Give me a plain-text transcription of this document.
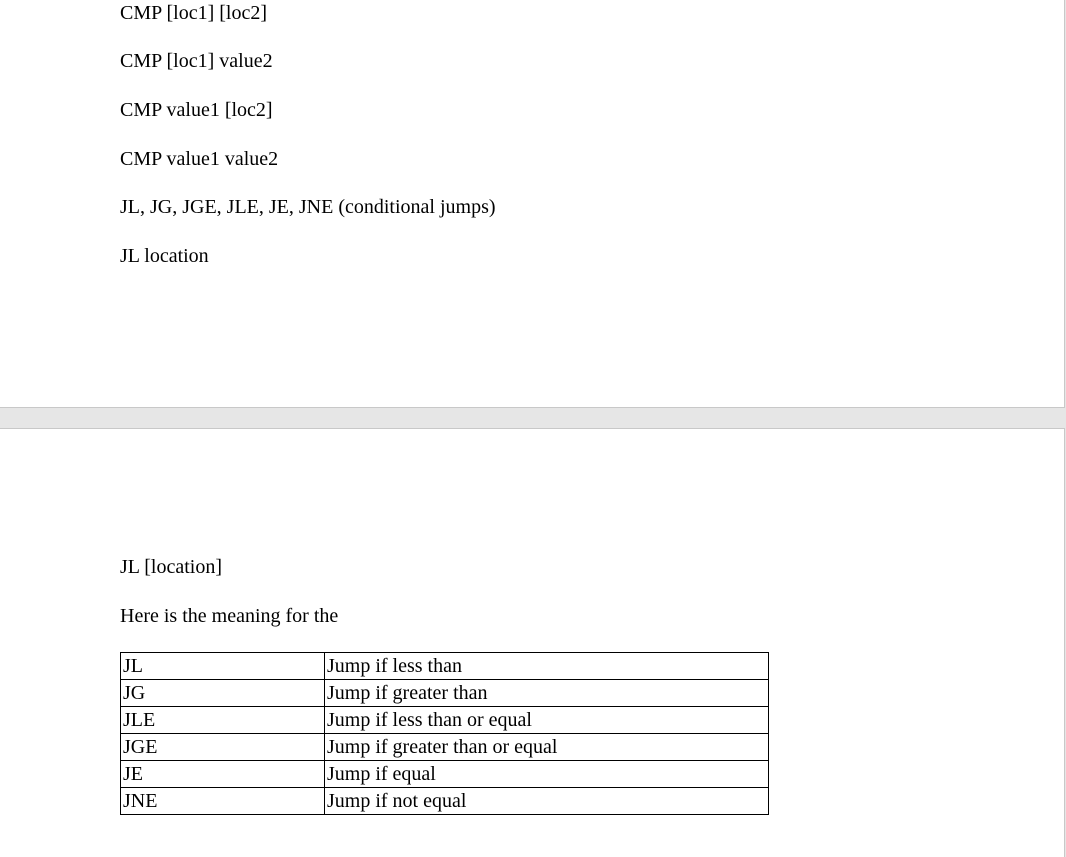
CMP [loc1] [loc2]

CMP [loc1] value2

CMP value1 [loc2]

CMP value1 value2

JL, JG, JGE, JLE, JE, JNE (conditional jumps)

JL location

JL [location]

Here is the meaning for the

JL	Jump if less than
JG	Jump if greater than
JLE	Jump if less than or equal
JGE	Jump if greater than or equal
JE	Jump if equal
JNE	Jump if not equal
